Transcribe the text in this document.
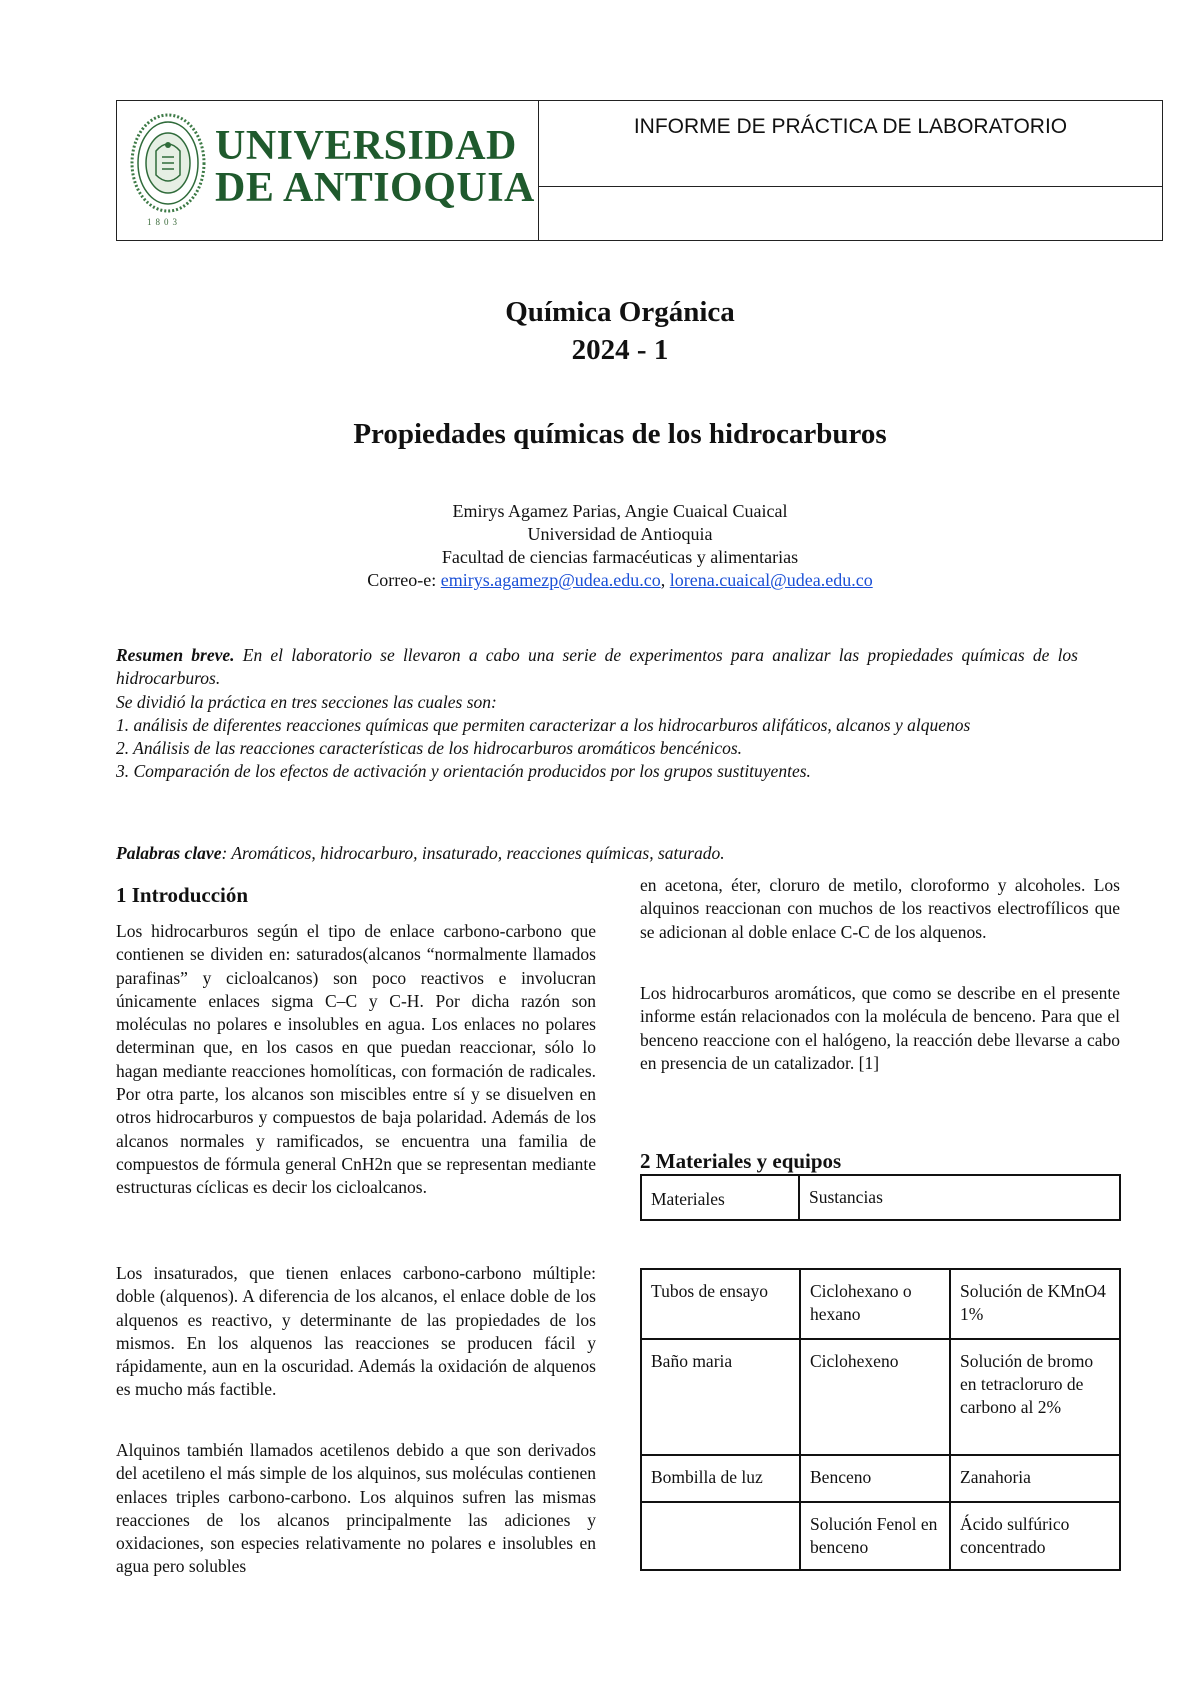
1803
UNIVERSIDAD
DE ANTIOQUIA
INFORME DE PRÁCTICA DE LABORATORIO
Química Orgánica
2024 - 1
Propiedades químicas de los hidrocarburos
Emirys Agamez Parias, Angie Cuaical Cuaical
Universidad de Antioquia
Facultad de ciencias farmacéuticas y alimentarias
Correo-e: emirys.agamezp@udea.edu.co, lorena.cuaical@udea.edu.co

Resumen breve. En el laboratorio se llevaron a cabo una serie de experimentos para analizar las propiedades químicas de los hidrocarburos.

Se dividió la práctica en tres secciones las cuales son:

1. análisis de diferentes reacciones químicas que permiten caracterizar a los hidrocarburos alifáticos, alcanos y alquenos

2. Análisis de las reacciones características de los hidrocarburos aromáticos bencénicos.

3. Comparación de los efectos de activación y orientación producidos por los grupos sustituyentes.

Palabras clave: Aromáticos, hidrocarburo, insaturado, reacciones químicas, saturado.
1 Introducción

Los hidrocarburos según el tipo de enlace carbono-carbono que contienen se dividen en: saturados(alcanos “normalmente llamados parafinas” y cicloalcanos) son poco reactivos e involucran únicamente enlaces sigma C–C y C-H. Por dicha razón son moléculas no polares e insolubles en agua. Los enlaces no polares determinan que, en los casos en que puedan reaccionar, sólo lo hagan mediante reacciones homolíticas, con formación de radicales. Por otra parte, los alcanos son miscibles entre sí y se disuelven en otros hidrocarburos y compuestos de baja polaridad. Además de los alcanos normales y ramificados, se encuentra una familia de compuestos de fórmula general CnH2n que se representan mediante estructuras cíclicas es decir los cicloalcanos.

Los insaturados, que tienen enlaces carbono-carbono múltiple: doble (alquenos). A diferencia de los alcanos, el enlace doble de los alquenos es reactivo, y determinante de las propiedades de los mismos. En los alquenos las reacciones se producen fácil y rápidamente, aun en la oscuridad. Además la oxidación de alquenos es mucho más factible.

Alquinos también llamados acetilenos debido a que son derivados del acetileno el más simple de los alquinos, sus moléculas contienen enlaces triples carbono-carbono. Los alquinos sufren las mismas reacciones de los alcanos principalmente las adiciones y oxidaciones, son especies relativamente no polares e insolubles en agua pero solubles

en acetona, éter, cloruro de metilo, cloroformo y alcoholes. Los alquinos reaccionan con muchos de los reactivos electrofílicos que se adicionan al doble enlace C-C de los alquenos.

Los hidrocarburos aromáticos, que como se describe en el presente informe están relacionados con la molécula de benceno. Para que el benceno reaccione con el halógeno, la reacción debe llevarse a cabo en presencia de un catalizador. [1]

2 Materiales y equipos
Materiales	Sustancias
Tubos de ensayo	Ciclohexano o hexano	Solución de KMnO4 1%
Baño maria	Ciclohexeno	Solución de bromo en tetracloruro de carbono al 2%
Bombilla de luz	Benceno	Zanahoria
	Solución Fenol en benceno	Ácido sulfúrico concentrado
